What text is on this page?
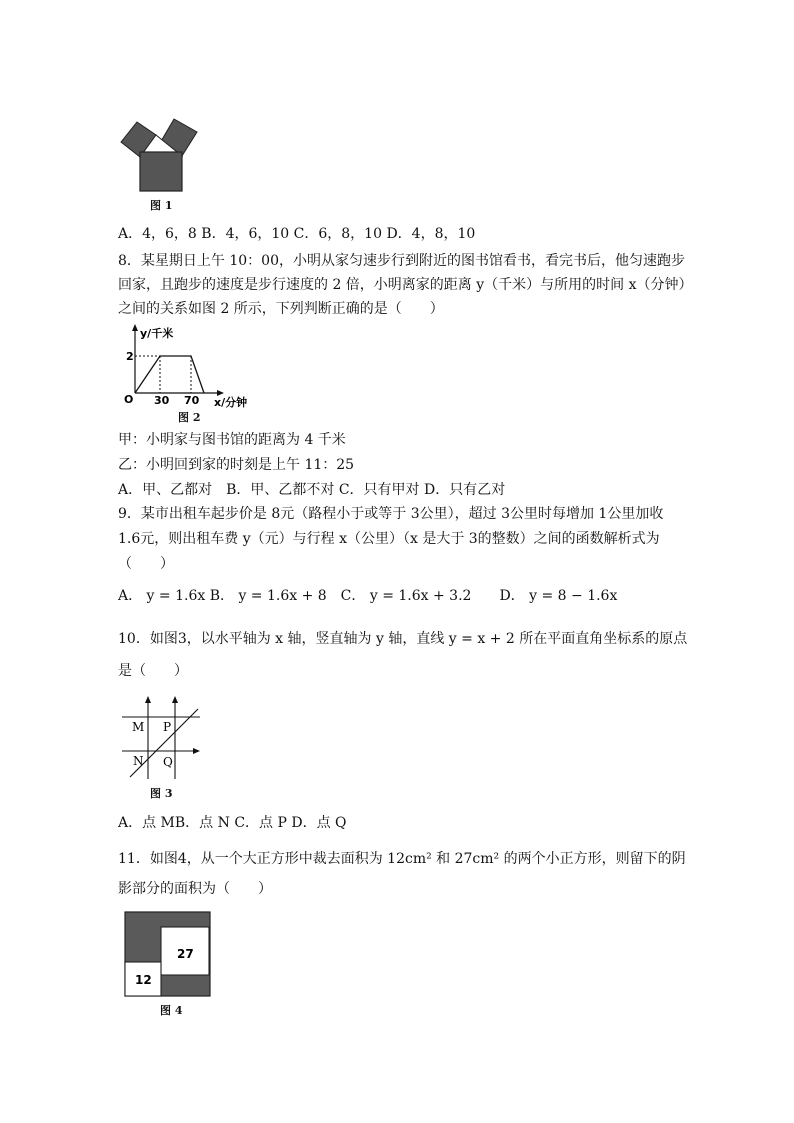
图 1
A．4，6，8 B．4，6，10 C．6，8，10 D．4，8，10
8．某星期日上午 10：00，小明从家匀速步行到附近的图书馆看书，看完书后，他匀速跑步
回家，且跑步的速度是步行速度的 2 倍，小明离家的距离 y（千米）与所用的时间 x（分钟）
之间的关系如图 2 所示，下列判断正确的是（　　）
y/千米
2
O 30 70 x/分钟
图 2
甲：小明家与图书馆的距离为 4 千米
乙：小明回到家的时刻是上午 11：25
A．甲、乙都对　B．甲、乙都不对 C．只有甲对 D．只有乙对
9．某市出租车起步价是 8元（路程小于或等于 3公里），超过 3公里时每增加 1公里加收
1.6元，则出租车费 y（元）与行程 x（公里）（x 是大于 3的整数）之间的函数解析式为
（　　）
A． y = 1.6x B． y = 1.6x + 8　C． y = 1.6x + 3.2　　D． y = 8 − 1.6x
10．如图3，以水平轴为 x 轴，竖直轴为 y 轴，直线 y = x + 2 所在平面直角坐标系的原点
是（　　）
M P
N Q
图 3
A．点 MB．点 N C．点 P D．点 Q
11．如图4，从一个大正方形中裁去面积为 12cm² 和 27cm² 的两个小正方形，则留下的阴
影部分的面积为（　　）
27
12
图 4
